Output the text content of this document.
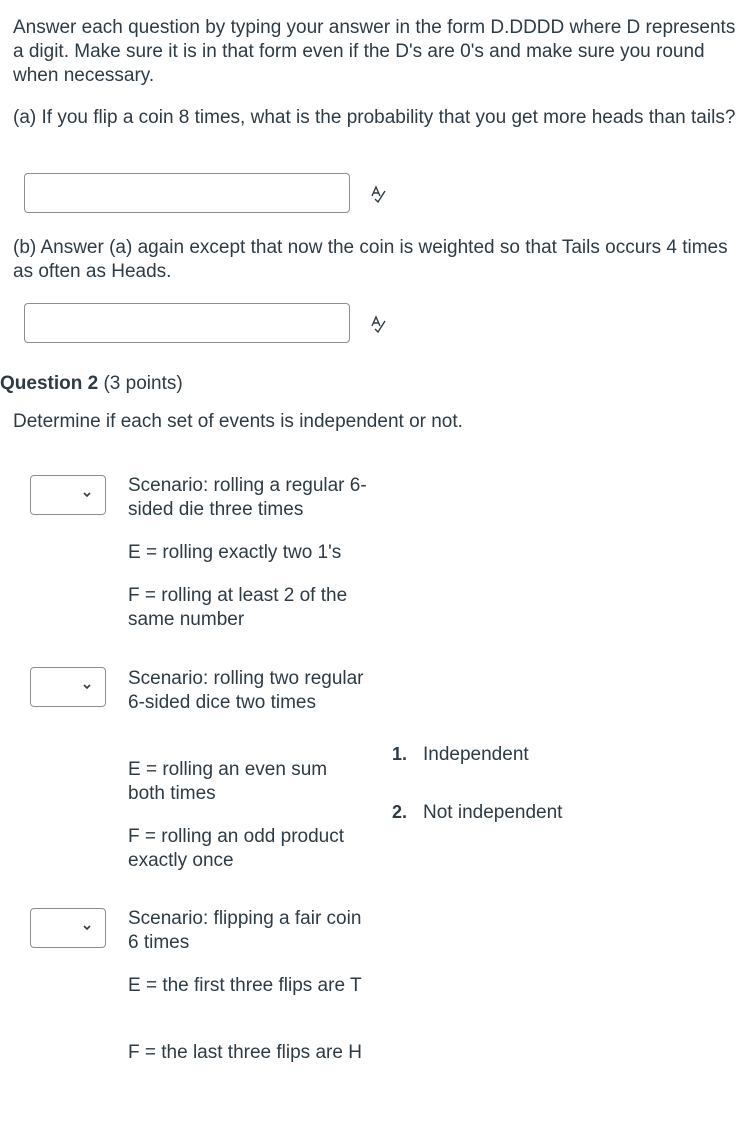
Answer each question by typing your answer in the form D.DDDD where D represents a digit. Make sure it is in that form even if the D's are 0's and make sure you round when necessary.

(a) If you flip a coin 8 times, what is the probability that you get more heads than tails?

(b) Answer (a) again except that now the coin is weighted so that Tails occurs 4 times as often as Heads.

Question 2 (3 points)

Determine if each set of events is independent or not.

Scenario: rolling a regular 6-sided die three times

E = rolling exactly two 1's

F = rolling at least 2 of the same number

Scenario: rolling two regular 6-sided dice two times

E = rolling an even sum both times

F = rolling an odd product exactly once

Scenario: flipping a fair coin 6 times

E = the first three flips are T

F = the last three flips are H

1. Independent

2. Not independent
